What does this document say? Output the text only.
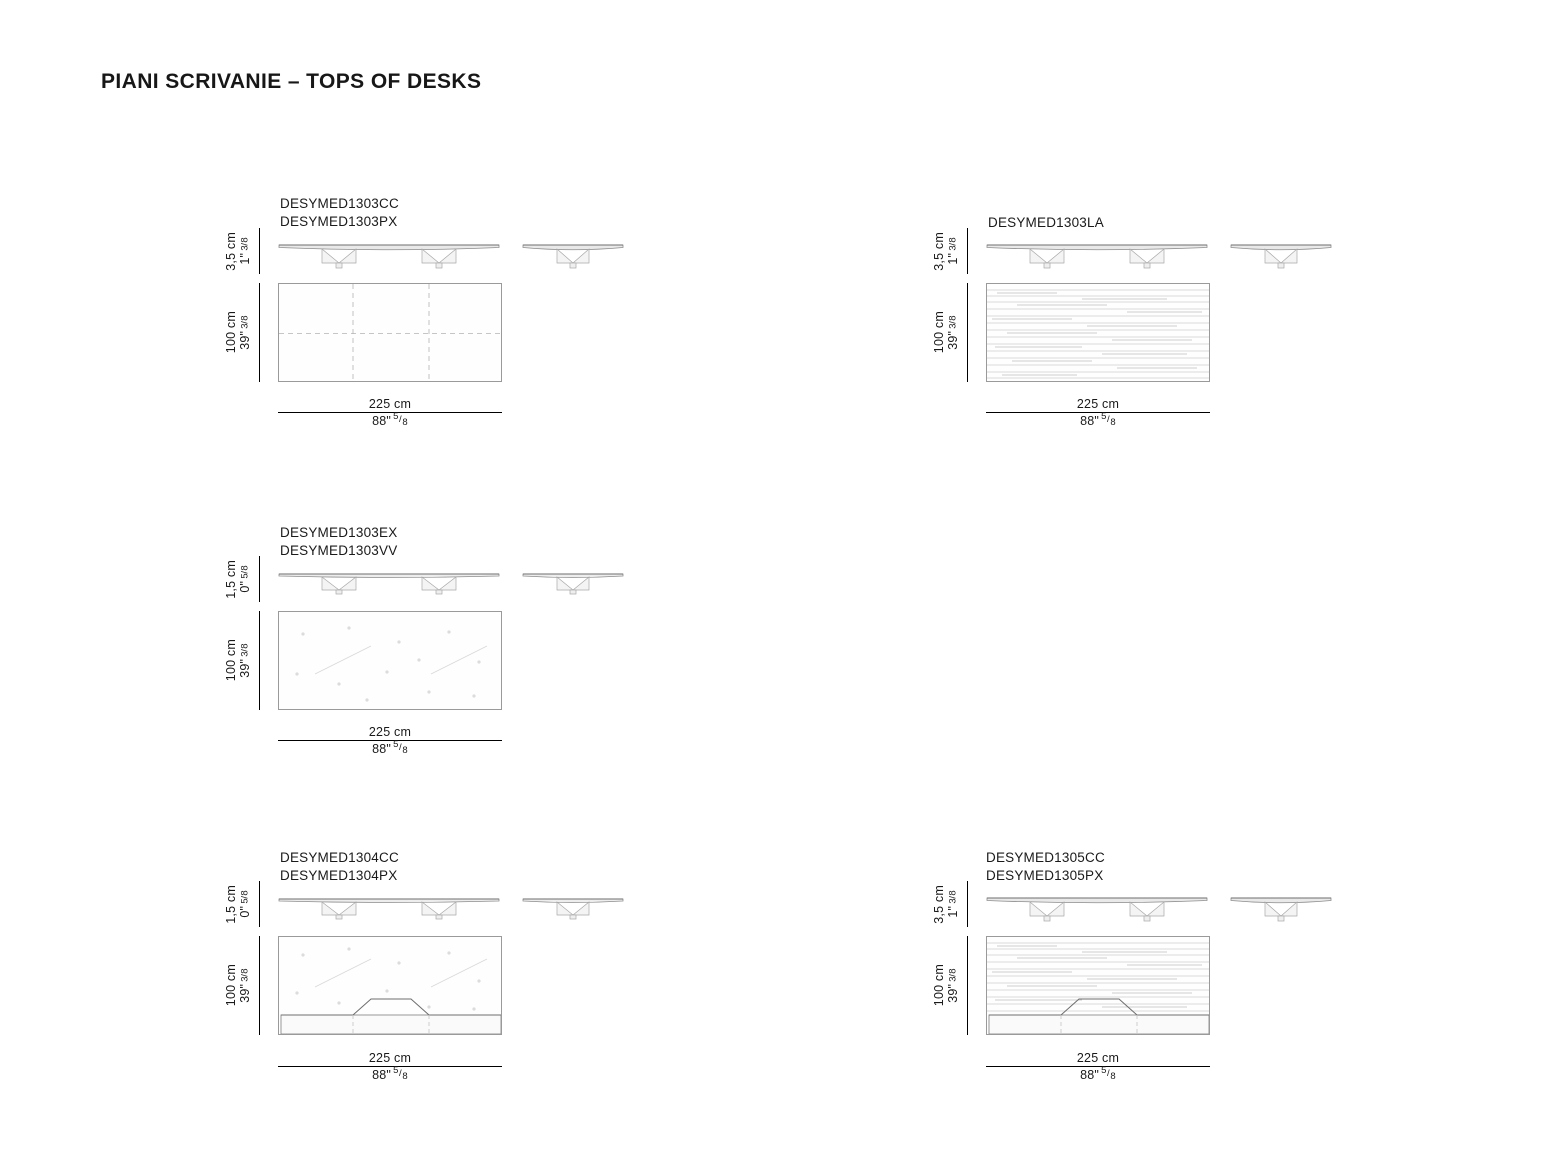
PIANI SCRIVANIE – TOPS OF DESKS
DESYMED1303CC
DESYMED1303PX
3,5 cm 1"
3
/
8
100 cm 39"
3
/
8
225 cm
88" 5 / 8
DESYMED1303LA
3,5 cm 1"
3
/
8
100 cm 39"
3
/
8
225 cm
88" 5 / 8
DESYMED1303EX
DESYMED1303VV
1,5 cm 0"
5
/
8
100 cm 39"
3
/
8
225 cm
88" 5 / 8
DESYMED1304CC
DESYMED1304PX
1,5 cm 0"
5
/
8
100 cm 39"
3
/
8
225 cm
88" 5 / 8
DESYMED1305CC
DESYMED1305PX
3,5 cm 1"
3
/
8
100 cm 39"
3
/
8
225 cm
88" 5 / 8
